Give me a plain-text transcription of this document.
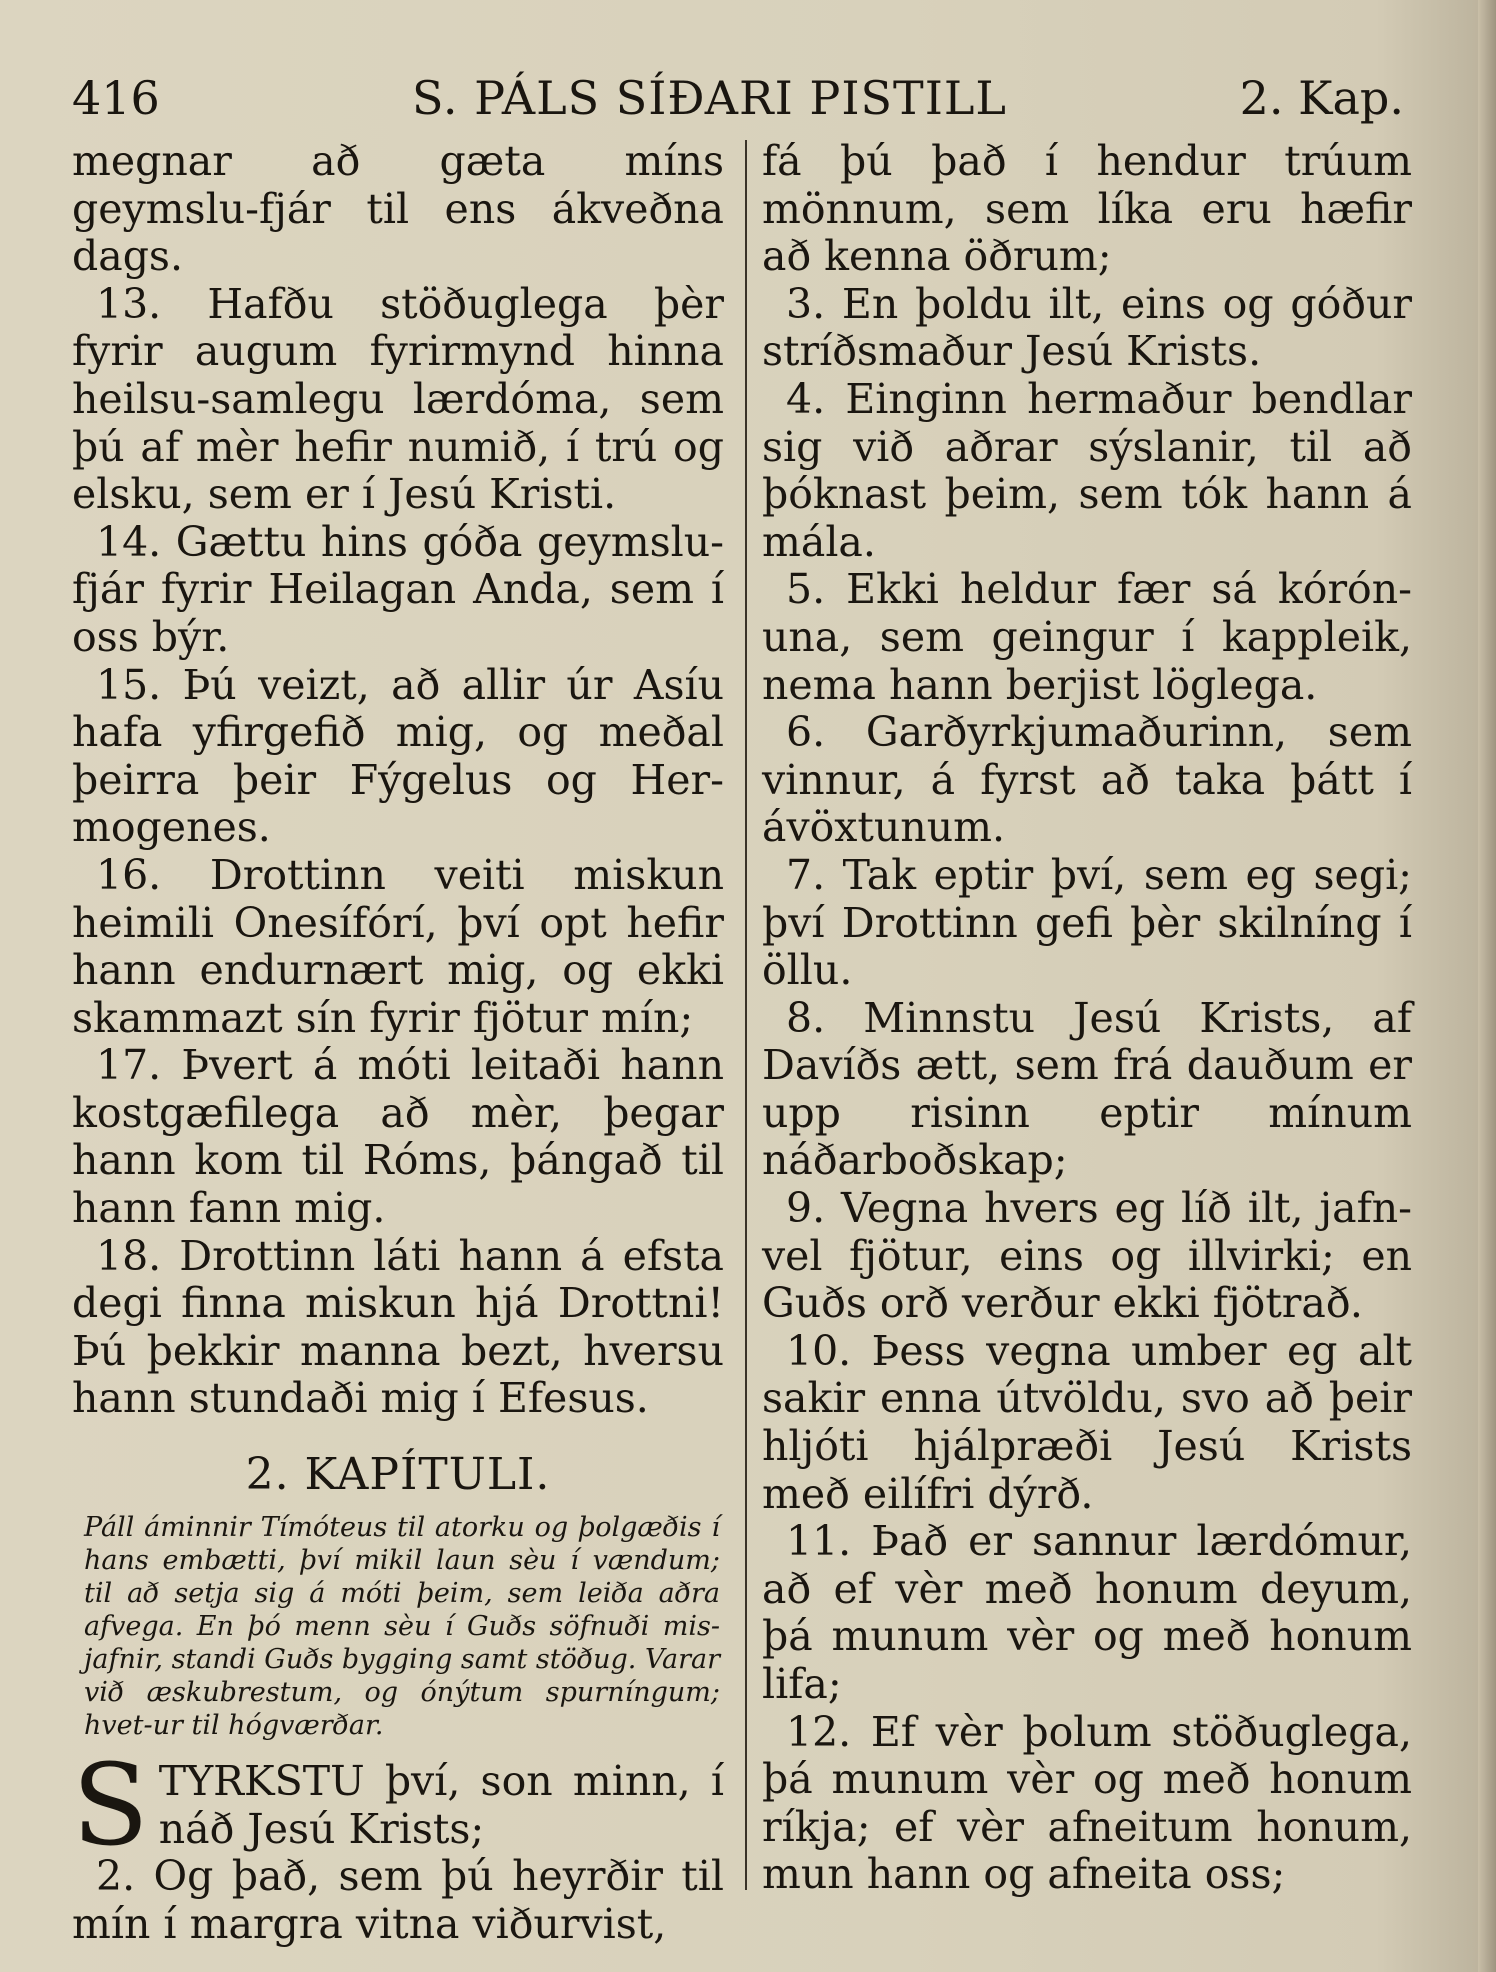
416	S. PÁLS SÍÐARI PISTILL	2. Kap.

megnar að gæta míns geymslu-fjár til ens ákveðna dags.

13. Hafðu stöðuglega þèr fyrir augum fyrirmynd hinna heilsu-samlegu lærdóma, sem þú af mèr hefir numið, í trú og elsku, sem er í Jesú Kristi.

14. Gættu hins góða geymslu-fjár fyrir Heilagan Anda, sem í oss býr.

15. Þú veizt, að allir úr Asíu hafa yfirgefið mig, og meðal þeirra þeir Fýgelus og Her-mogenes.

16. Drottinn veiti miskun heimili Onesífórí, því opt hefir hann endurnært mig, og ekki skammazt sín fyrir fjötur mín;

17. Þvert á móti leitaði hann kostgæfilega að mèr, þegar hann kom til Róms, þángað til hann fann mig.

18. Drottinn láti hann á efsta degi finna miskun hjá Drottni! Þú þekkir manna bezt, hversu hann stundaði mig í Efesus.

2. KAPÍTULI.

Páll áminnir Tímóteus til atorku og þolgæðis í hans embætti, því mikil laun sèu í vændum; til að setja sig á móti þeim, sem leiða aðra afvega. En þó menn sèu í Guðs söfnuði mis-jafnir, standi Guðs bygging samt stöðug. Varar við æskubrestum, og ónýtum spurníngum; hvet-ur til hógværðar.

S TYRKSTU því, son minn, í náð Jesú Krists;

2. Og það, sem þú heyrðir til mín í margra vitna viðurvist,

fá þú það í hendur trúum mönnum, sem líka eru hæfir að kenna öðrum;

3. En þoldu ilt, eins og góður stríðsmaður Jesú Krists.

4. Einginn hermaður bendlar sig við aðrar sýslanir, til að þóknast þeim, sem tók hann á mála.

5. Ekki heldur fær sá kórón-una, sem geingur í kappleik, nema hann berjist löglega.

6. Garðyrkjumaðurinn, sem vinnur, á fyrst að taka þátt í ávöxtunum.

7. Tak eptir því, sem eg segi; því Drottinn gefi þèr skilníng í öllu.

8. Minnstu Jesú Krists, af Davíðs ætt, sem frá dauðum er upp risinn eptir mínum náðarboðskap;

9. Vegna hvers eg líð ilt, jafn-vel fjötur, eins og illvirki; en Guðs orð verður ekki fjötrað.

10. Þess vegna umber eg alt sakir enna útvöldu, svo að þeir hljóti hjálpræði Jesú Krists með eilífri dýrð.

11. Það er sannur lærdómur, að ef vèr með honum deyum, þá munum vèr og með honum lifa;

12. Ef vèr þolum stöðuglega, þá munum vèr og með honum ríkja; ef vèr afneitum honum, mun hann og afneita oss;
